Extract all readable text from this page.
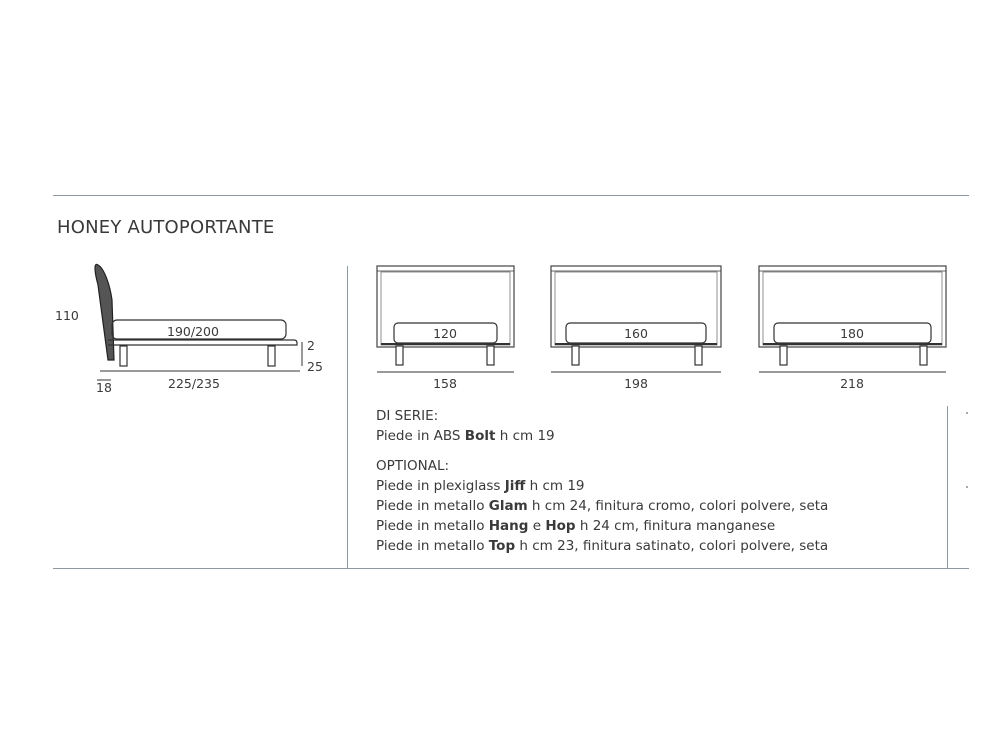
HONEY AUTOPORTANTE
110
190/200
2
25
18	225/235
120
158
160
198
180
218
DI SERIE:
Piede in ABS Bolt h cm 19
OPTIONAL:
Piede in plexiglass Jiff h cm 19
Piede in metallo Glam h cm 24, finitura cromo, colori polvere, seta
Piede in metallo Hang e Hop h 24 cm, finitura manganese
Piede in metallo Top h cm 23, finitura satinato, colori polvere, seta
